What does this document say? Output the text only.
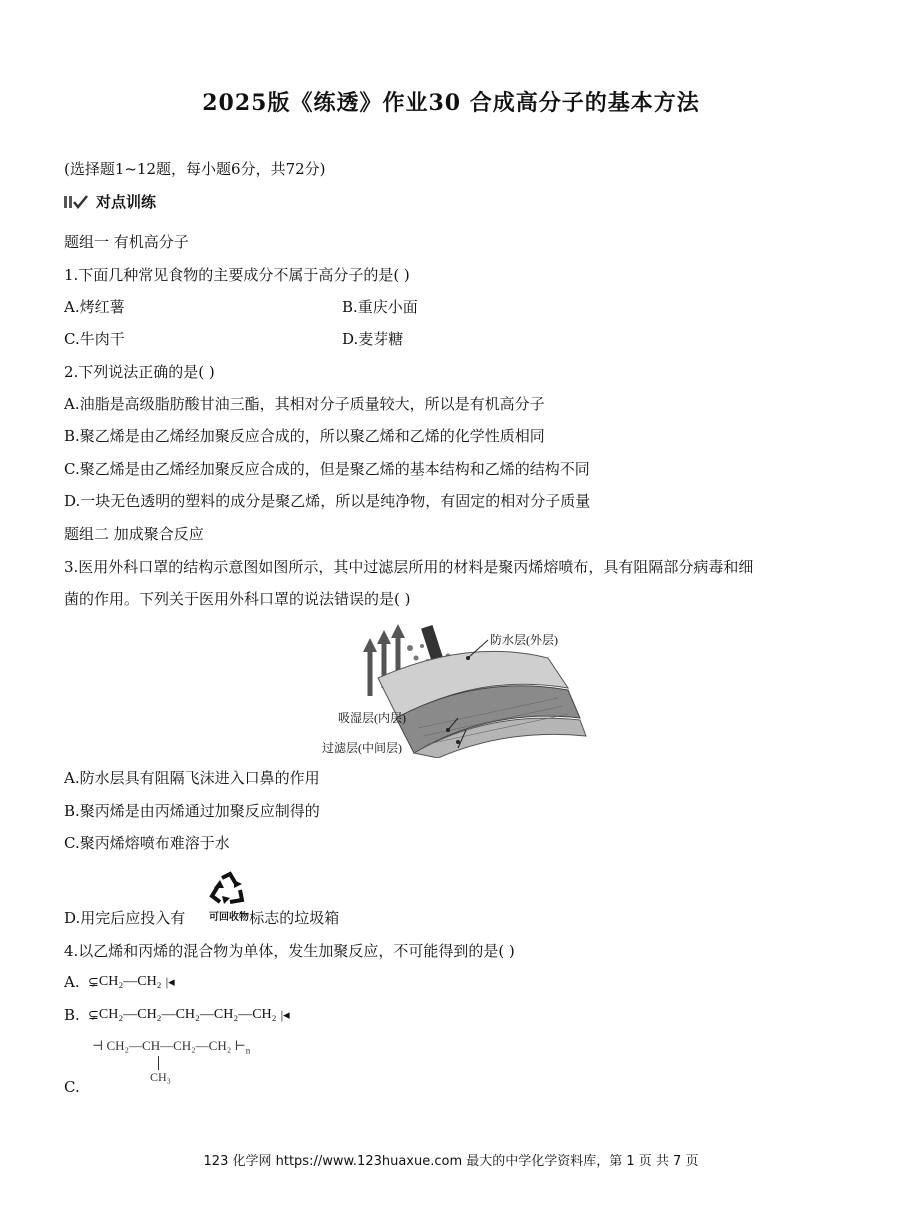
2025版《练透》作业30 合成高分子的基本方法
(选择题1~12题，每小题6分，共72分)
对点训练
题组一 有机高分子
1.下面几种常见食物的主要成分不属于高分子的是( )
A.烤红薯	B.重庆小面
C.牛肉干	D.麦芽糖
2.下列说法正确的是( )
A.油脂是高级脂肪酸甘油三酯，其相对分子质量较大，所以是有机高分子
B.聚乙烯是由乙烯经加聚反应合成的，所以聚乙烯和乙烯的化学性质相同
C.聚乙烯是由乙烯经加聚反应合成的，但是聚乙烯的基本结构和乙烯的结构不同
D.一块无色透明的塑料的成分是聚乙烯，所以是纯净物，有固定的相对分子质量
题组二 加成聚合反应
3.医用外科口罩的结构示意图如图所示，其中过滤层所用的材料是聚丙烯熔喷布，具有阻隔部分病毒和细
菌的作用。下列关于医用外科口罩的说法错误的是( )
防水层(外层)
吸湿层(内层)
过滤层(中间层)
A.防水层具有阻隔飞沫进入口鼻的作用
B.聚丙烯是由丙烯通过加聚反应制得的
C.聚丙烯熔喷布难溶于水
可回收物
D.用完后应投入有	标志的垃圾箱
4.以乙烯和丙烯的混合物为单体，发生加聚反应，不可能得到的是( )
A. ⊊ CH₂—CH₂ |◂
B. ⊊ CH₂—CH₂—CH₂—CH₂—CH₂ |◂
⊣ CH₂—CH—CH₂—CH₂ $⊢_n$
CH₃
C.
123 化学网 https://www.123huaxue.com 最大的中学化学资料库，第 1 页 共 7 页
